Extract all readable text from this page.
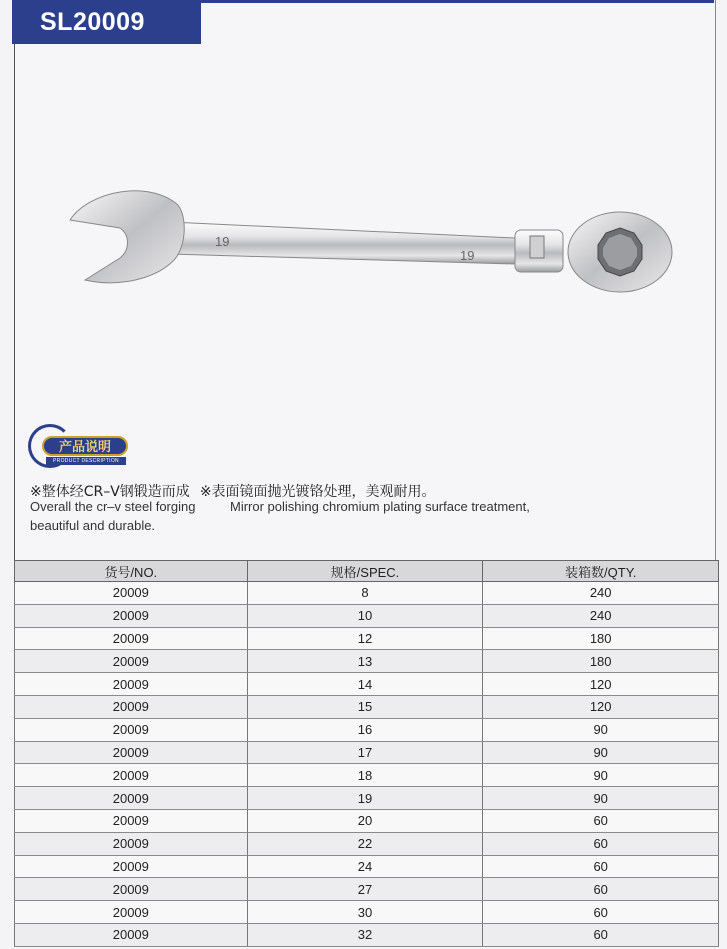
SL20009
19
19
产品说明
PRODUCT DESCRIPTION
※整体经CR–V钢锻造而成 ※表面镜面抛光镀铬处理，美观耐用。
Overall the cr–v steel forging	Mirror polishing chromium plating surface treatment,
beautiful and durable.
货号/NO.	规格/SPEC.	装箱数/QTY.
20009	8	240
20009	10	240
20009	12	180
20009	13	180
20009	14	120
20009	15	120
20009	16	90
20009	17	90
20009	18	90
20009	19	90
20009	20	60
20009	22	60
20009	24	60
20009	27	60
20009	30	60
20009	32	60
